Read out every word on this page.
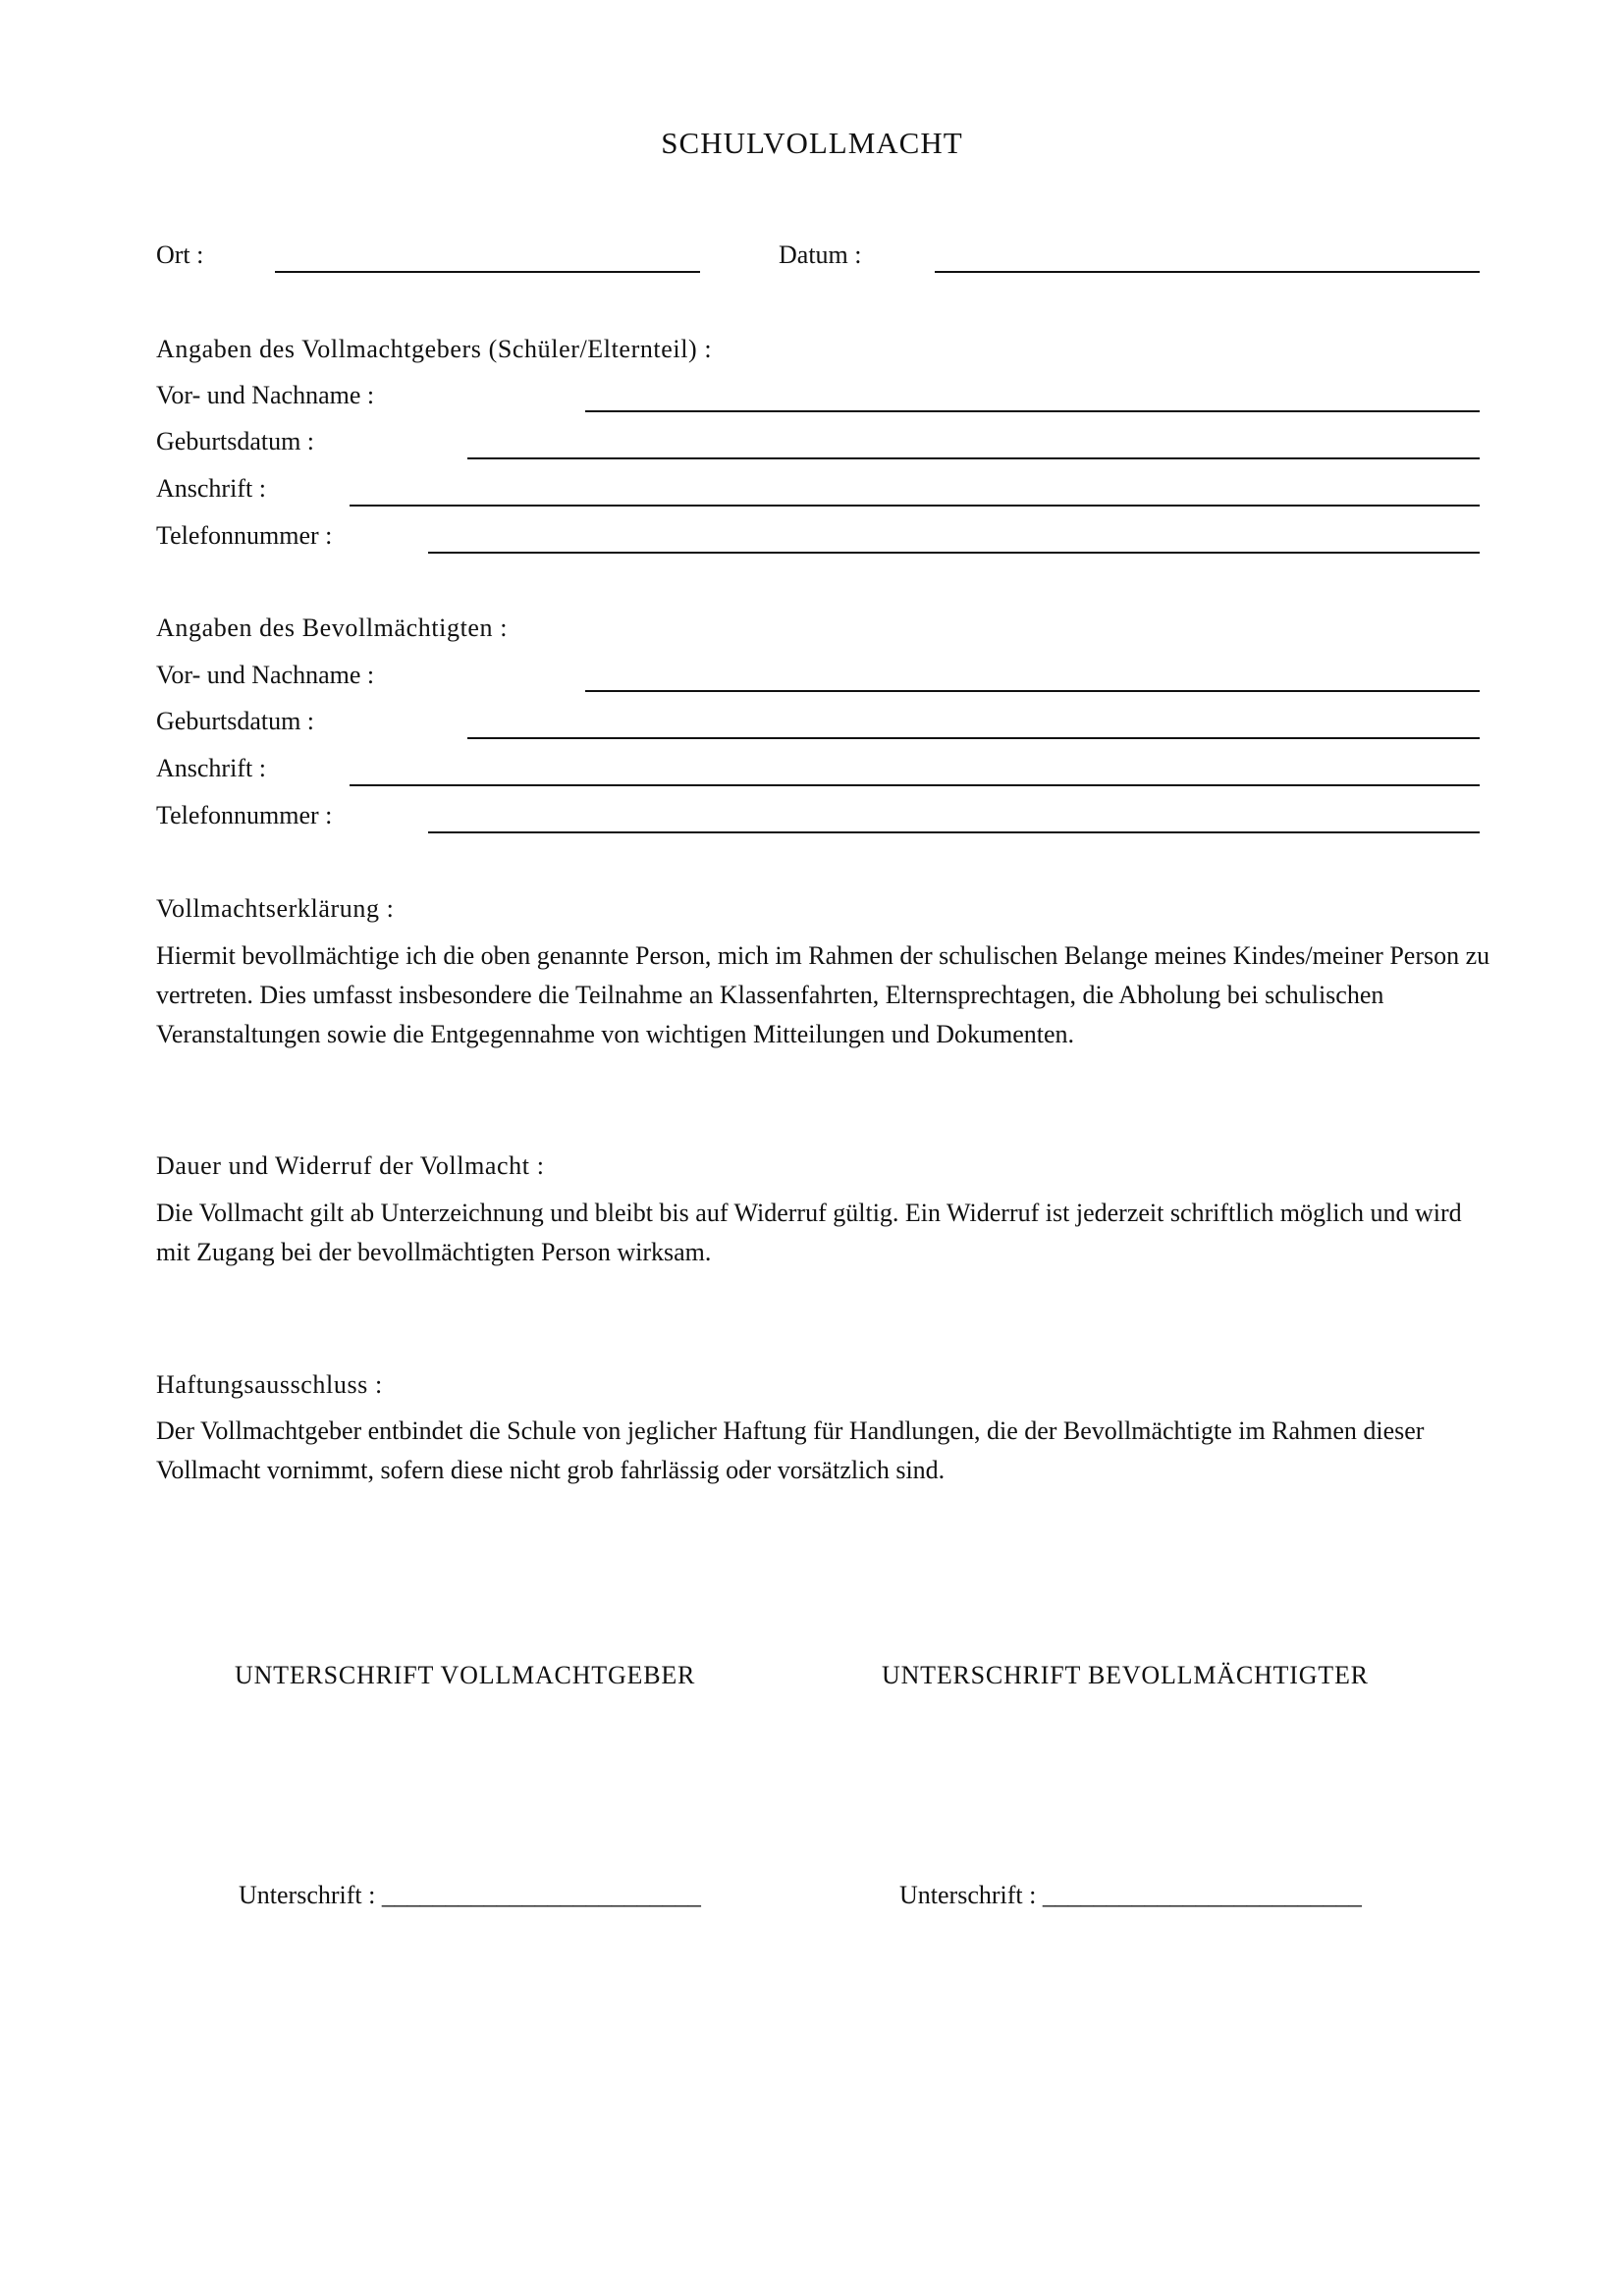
SCHULVOLLMACHT
Ort :	Datum :
Angaben des Vollmachtgebers (Schüler/Elternteil) :
Vor- und Nachname :
Geburtsdatum :
Anschrift :
Telefonnummer :
Angaben des Bevollmächtigten :
Vor- und Nachname :
Geburtsdatum :
Anschrift :
Telefonnummer :
Vollmachtserklärung :
Hiermit bevollmächtige ich die oben genannte Person, mich im Rahmen der schulischen Belange meines Kindes/meiner Person zu vertreten. Dies umfasst insbesondere die Teilnahme an Klassenfahrten, Elternsprechtagen, die Abholung bei schulischen Veranstaltungen sowie die Entgegennahme von wichtigen Mitteilungen und Dokumenten.
Dauer und Widerruf der Vollmacht :
Die Vollmacht gilt ab Unterzeichnung und bleibt bis auf Widerruf gültig. Ein Widerruf ist jederzeit schriftlich möglich und wird mit Zugang bei der bevollmächtigten Person wirksam.
Haftungsausschluss :
Der Vollmachtgeber entbindet die Schule von jeglicher Haftung für Handlungen, die der Bevollmächtigte im Rahmen dieser Vollmacht vornimmt, sofern diese nicht grob fahrlässig oder vorsätzlich sind.
UNTERSCHRIFT VOLLMACHTGEBER	UNTERSCHRIFT BEVOLLMÄCHTIGTER
Unterschrift : _________________________	Unterschrift : _________________________
